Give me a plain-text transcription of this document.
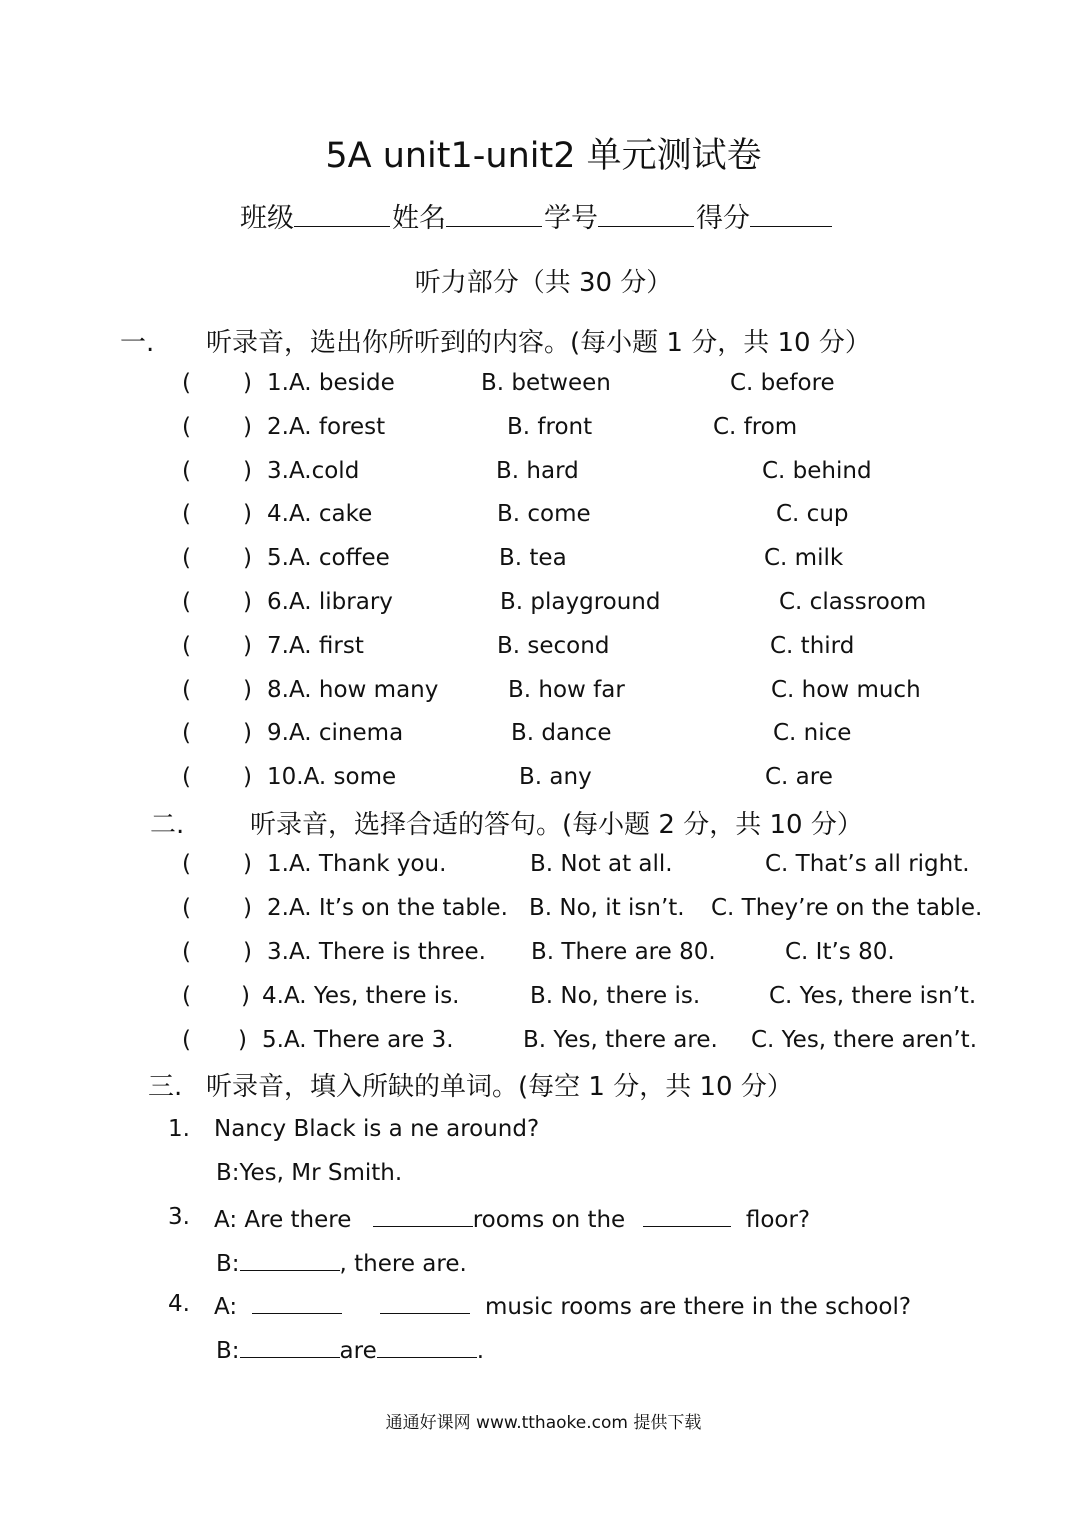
5A unit1-unit2 单元测试卷
班级	姓名	学号	得分
听力部分（共 30 分）
一. 听录音，选出你所听到的内容。(每小题 1 分，共 10 分）
( ) 1.A. beside	B. between	C. before
( ) 2.A. forest	B. front	C. from
( ) 3.A.cold	B. hard	C. behind
( ) 4.A. cake	B. come	C. cup
( ) 5.A. coffee	B. tea	C. milk
( ) 6.A. library	B. playground	C. classroom
( ) 7.A. first	B. second	C. third
( ) 8.A. how many	B. how far	C. how much
( ) 9.A. cinema	B. dance	C. nice
( ) 10.A. some	B. any	C. are
二.	听录音，选择合适的答句。(每小题 2 分，共 10 分）
( ) 1.A. Thank you.	B. Not at all.	C. That’s all right.
( ) 2.A. It’s on the table. B. No, it isn’t. C. They’re on the table.
( ) 3.A. There is three. B. There are 80.	C. It’s 80.
( ) 4.A. Yes, there is.	B. No, there is.	C. Yes, there isn’t.
( ) 5.A. There are 3.	B. Yes, there are. C. Yes, there aren’t.
三. 听录音，填入所缺的单词。(每空 1 分，共 10 分）
1. Nancy Black is a ne around?
B:Yes, Mr Smith.
3. A: Are there	rooms on the	floor?
B:	, there are.
4. A:	music rooms are there in the school?
B:	are	.
通通好课网 www.tthaoke.com 提供下载
